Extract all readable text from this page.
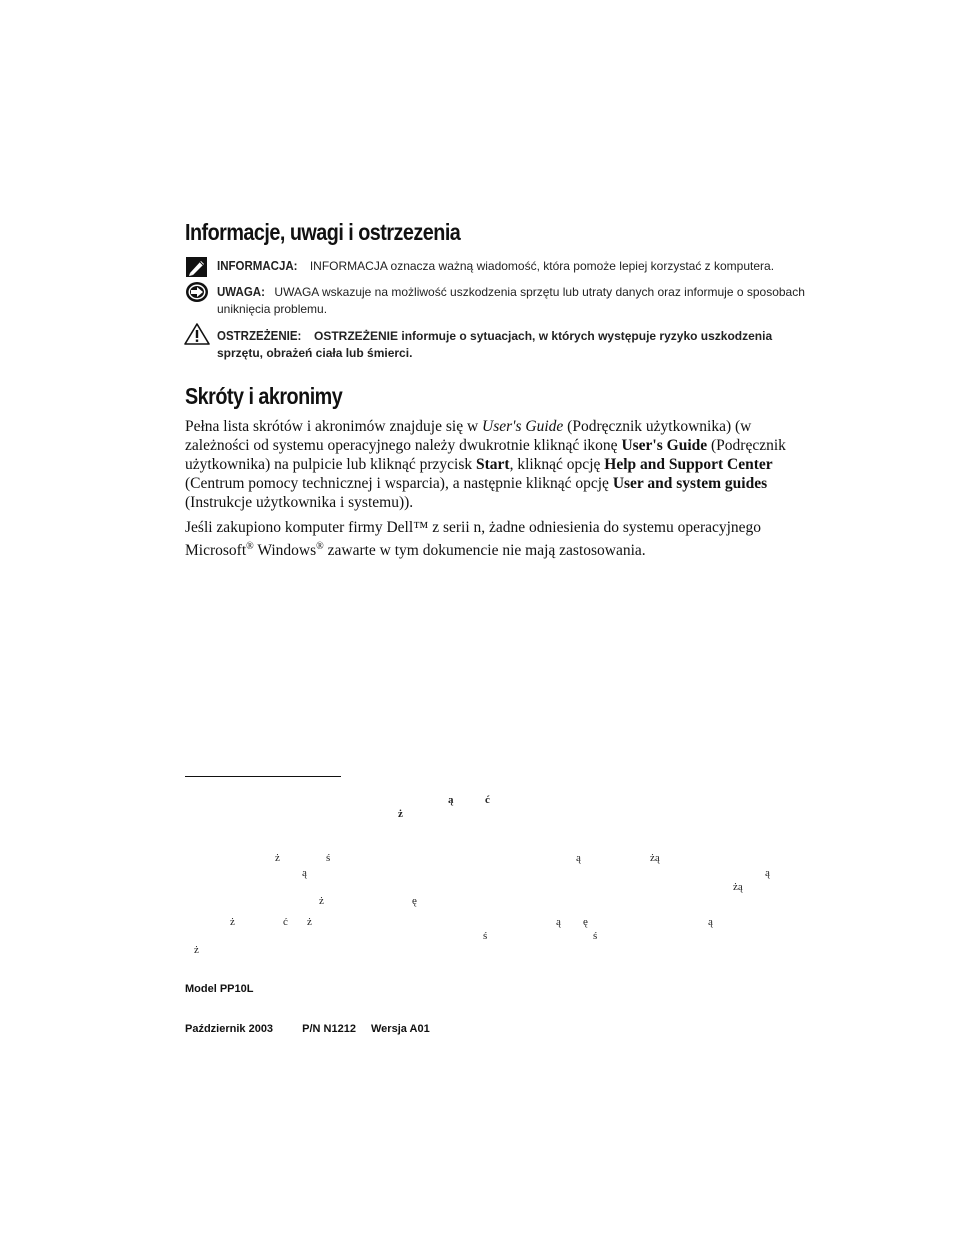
Informacje, uwagi i ostrzezenia
INFORMACJA: INFORMACJA oznacza ważną wiadomość, która pomoże lepiej korzystać z komputera.
UWAGA: UWAGA wskazuje na możliwość uszkodzenia sprzętu lub utraty danych oraz informuje o sposobach uniknięcia problemu.
OSTRZEŻENIE: OSTRZEŻENIE informuje o sytuacjach, w których występuje ryzyko uszkodzenia sprzętu, obrażeń ciała lub śmierci.
Skróty i akronimy

Pełna lista skrótów i akronimów znajduje się w User's Guide (Podręcznik użytkownika) (w zależności od systemu operacyjnego należy dwukrotnie kliknąć ikonę User's Guide (Podręcznik użytkownika) na pulpicie lub kliknąć przycisk Start, kliknąć opcję Help and Support Center (Centrum pomocy technicznej i wsparcia), a następnie kliknąć opcję User and system guides (Instrukcje użytkownika i systemu)).

Jeśli zakupiono komputer firmy Dell™ z serii n, żadne odniesienia do systemu operacyjnego Microsoft® Windows® zawarte w tym dokumencie nie mają zastosowania.

ą	ć
ż
ż	ś	ą	żą
ą	ą
żą
ż	ę
ż	ć ż	ą ę	ą
ś	ś
ż
Model PP10L
Październik 2003	P/N N1212 Wersja A01
